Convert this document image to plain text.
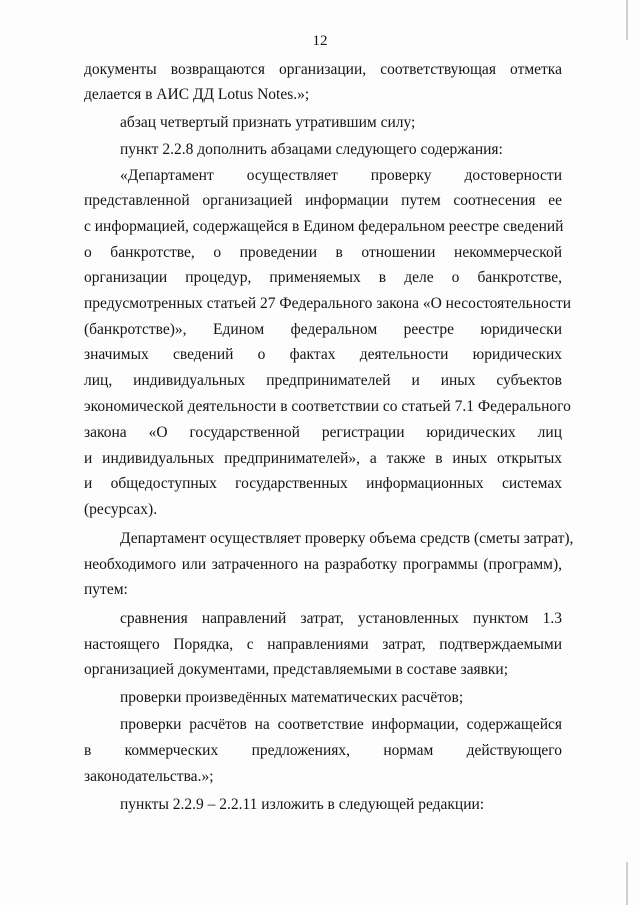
12
документы возвращаются организации, соответствующая отметка
делается в АИС ДД Lotus Notes.»;
абзац четвертый признать утратившим силу;
пункт 2.2.8 дополнить абзацами следующего содержания:
«Департамент осуществляет проверку достоверности
представленной организацией информации путем соотнесения ее
с информацией, содержащейся в Едином федеральном реестре сведений
о банкротстве, о проведении в отношении некоммерческой
организации процедур, применяемых в деле о банкротстве,
предусмотренных статьей 27 Федерального закона «О несостоятельности
(банкротстве)», Едином федеральном реестре юридически
значимых сведений о фактах деятельности юридических
лиц, индивидуальных предпринимателей и иных субъектов
экономической деятельности в соответствии со статьей 7.1 Федерального
закона «О государственной регистрации юридических лиц
и индивидуальных предпринимателей», а также в иных открытых
и общедоступных государственных информационных системах
(ресурсах).
Департамент осуществляет проверку объема средств (сметы затрат),
необходимого или затраченного на разработку программы (программ),
путем:
сравнения направлений затрат, установленных пунктом 1.3
настоящего Порядка, с направлениями затрат, подтверждаемыми
организацией документами, представляемыми в составе заявки;
проверки произведённых математических расчётов;
проверки расчётов на соответствие информации, содержащейся
в коммерческих предложениях, нормам действующего
законодательства.»;
пункты 2.2.9 – 2.2.11 изложить в следующей редакции:
